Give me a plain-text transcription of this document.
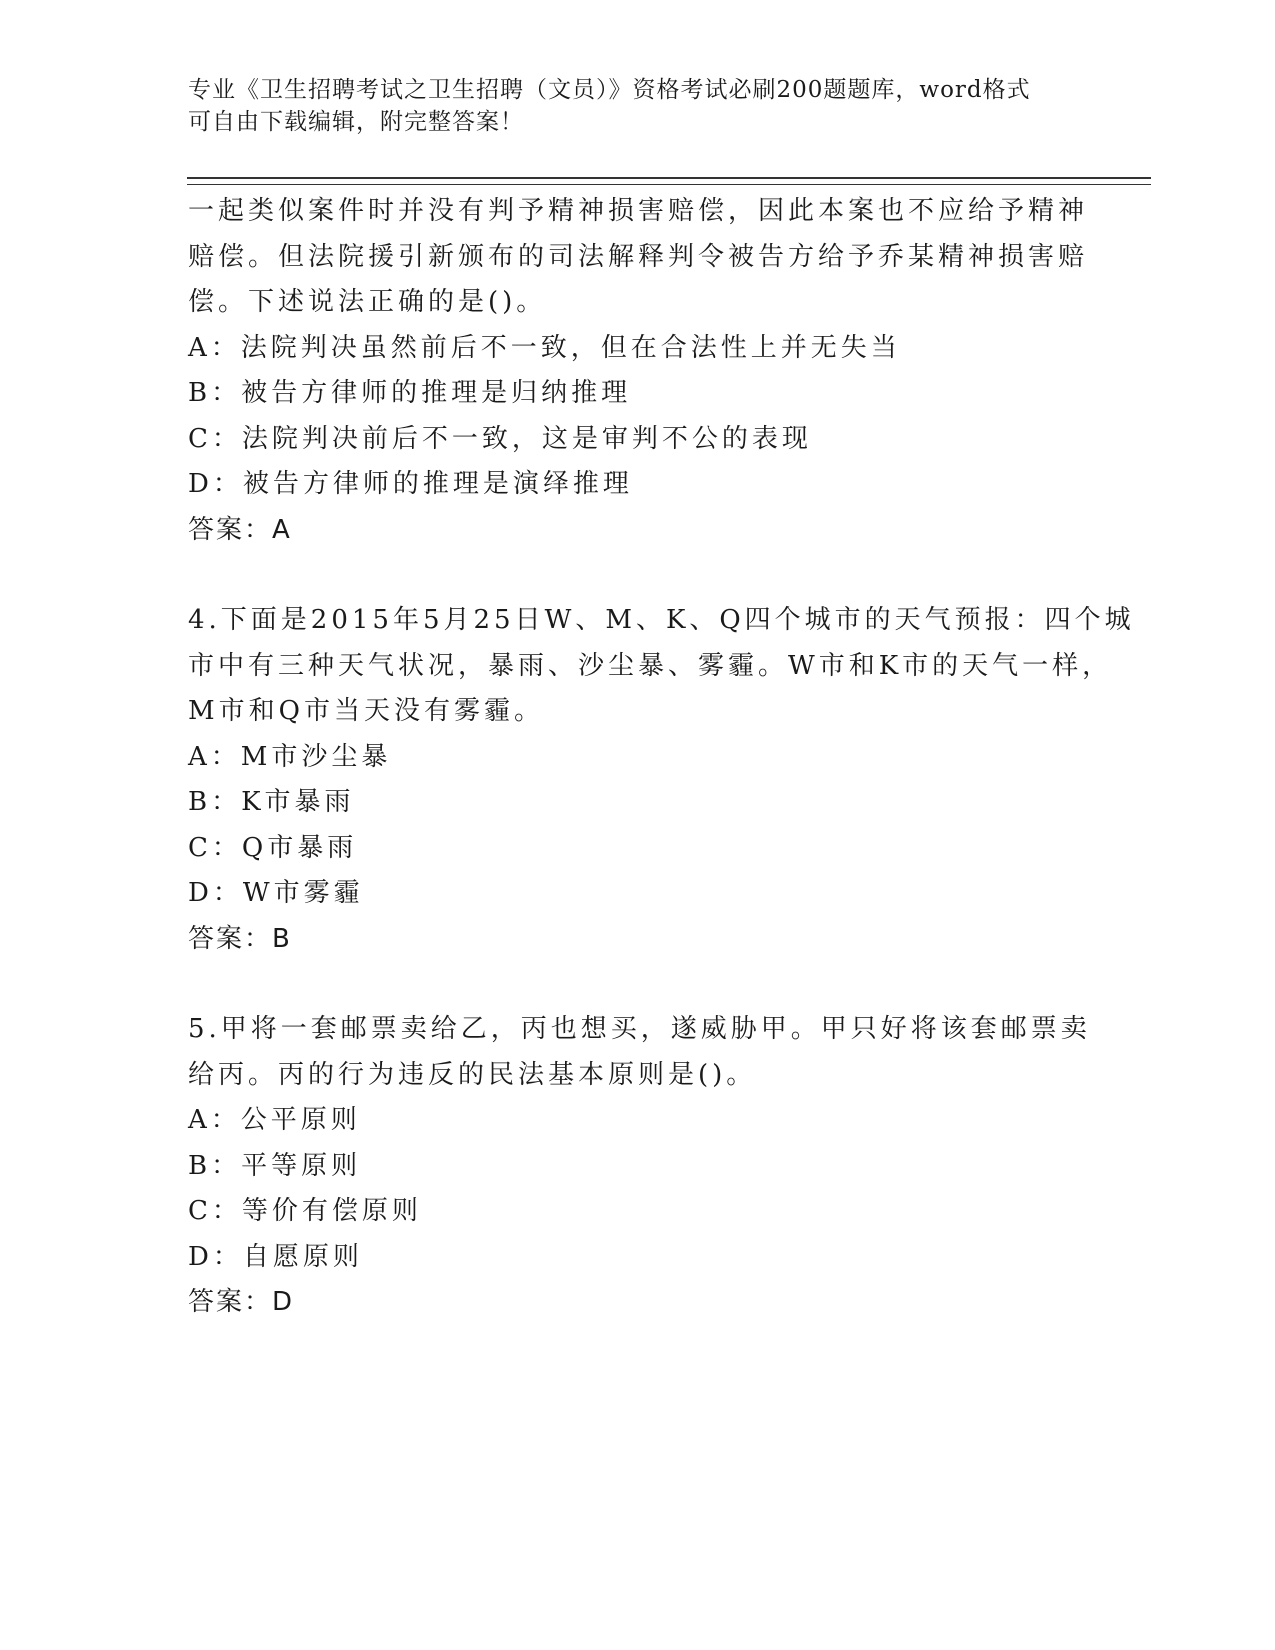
专业《卫生招聘考试之卫生招聘（文员）》资格考试必刷200题题库，word格式
可自由下载编辑，附完整答案！
一起类似案件时并没有判予精神损害赔偿，因此本案也不应给予精神
赔偿。但法院援引新颁布的司法解释判令被告方给予乔某精神损害赔
偿。下述说法正确的是()。
A：法院判决虽然前后不一致，但在合法性上并无失当
B：被告方律师的推理是归纳推理
C：法院判决前后不一致，这是审判不公的表现
D：被告方律师的推理是演绎推理
答案：A
4.下面是2015年5月25日W、M、K、Q四个城市的天气预报：四个城
市中有三种天气状况，暴雨、沙尘暴、雾霾。W市和K市的天气一样，
M市和Q市当天没有雾霾。
A：M市沙尘暴
B：K市暴雨
C：Q市暴雨
D：W市雾霾
答案：B
5.甲将一套邮票卖给乙，丙也想买，遂威胁甲。甲只好将该套邮票卖
给丙。丙的行为违反的民法基本原则是()。
A：公平原则
B：平等原则
C：等价有偿原则
D：自愿原则
答案：D
